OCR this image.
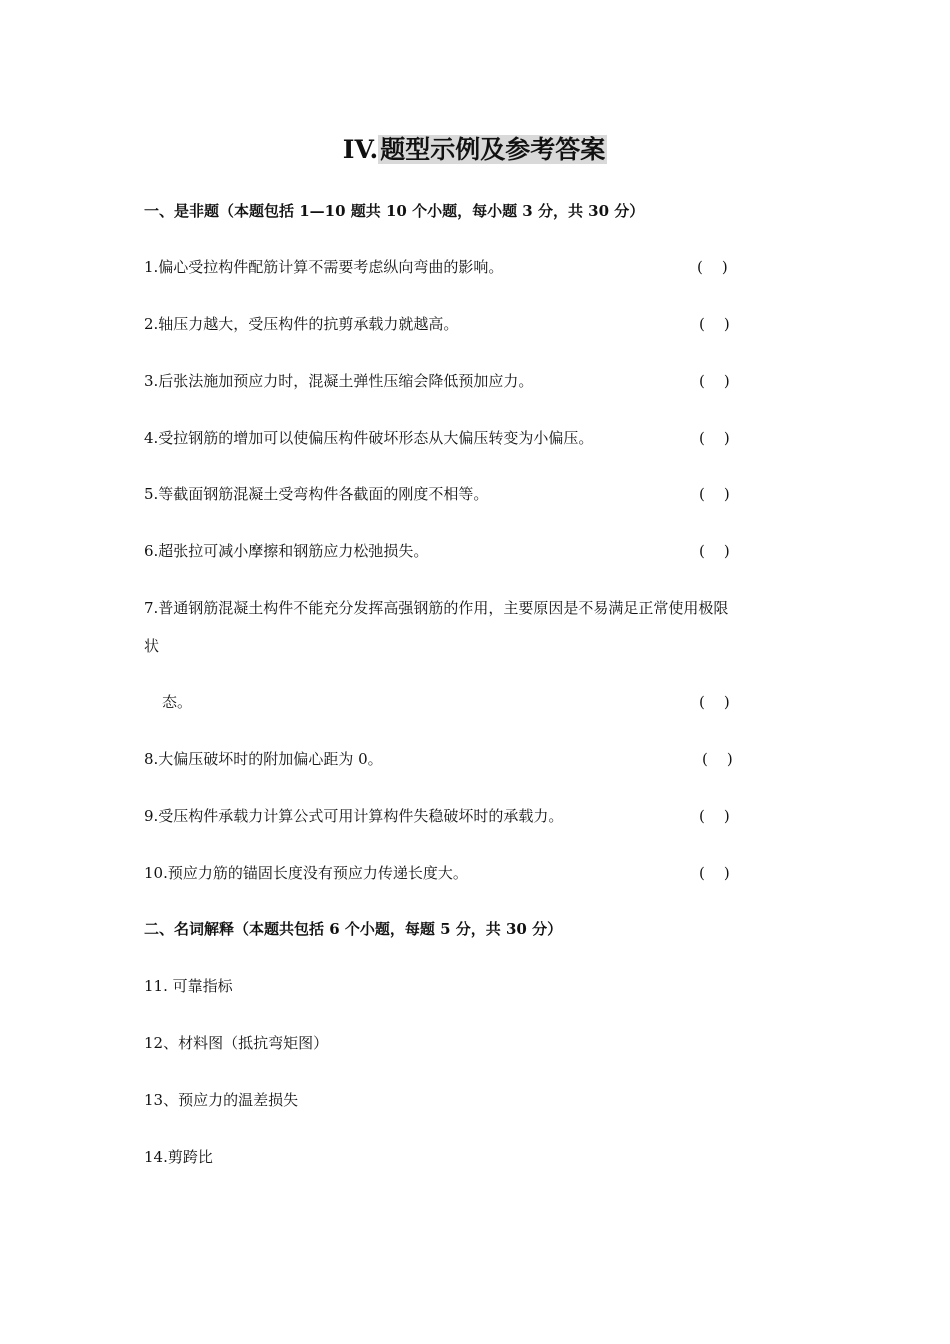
IV.题型示例及参考答案
一、是非题（本题包括 1—10 题共 10 个小题，每小题 3 分，共 30 分）
1.偏心受拉构件配筋计算不需要考虑纵向弯曲的影响。	(    )
2.轴压力越大，受压构件的抗剪承载力就越高。	(    )
3.后张法施加预应力时，混凝土弹性压缩会降低预加应力。	(    )
4.受拉钢筋的增加可以使偏压构件破坏形态从大偏压转变为小偏压。	(    )
5.等截面钢筋混凝土受弯构件各截面的刚度不相等。	(    )
6.超张拉可减小摩擦和钢筋应力松弛损失。	(    )
7.普通钢筋混凝土构件不能充分发挥高强钢筋的作用，主要原因是不易满足正常使用极限
状
态。	(    )
8.大偏压破坏时的附加偏心距为 0。	(    )
9.受压构件承载力计算公式可用计算构件失稳破坏时的承载力。	(    )
10.预应力筋的锚固长度没有预应力传递长度大。	(    )
二、名词解释（本题共包括 6 个小题，每题 5 分，共 30 分）
11. 可靠指标
12、材料图（抵抗弯矩图）
13、预应力的温差损失
14.剪跨比
